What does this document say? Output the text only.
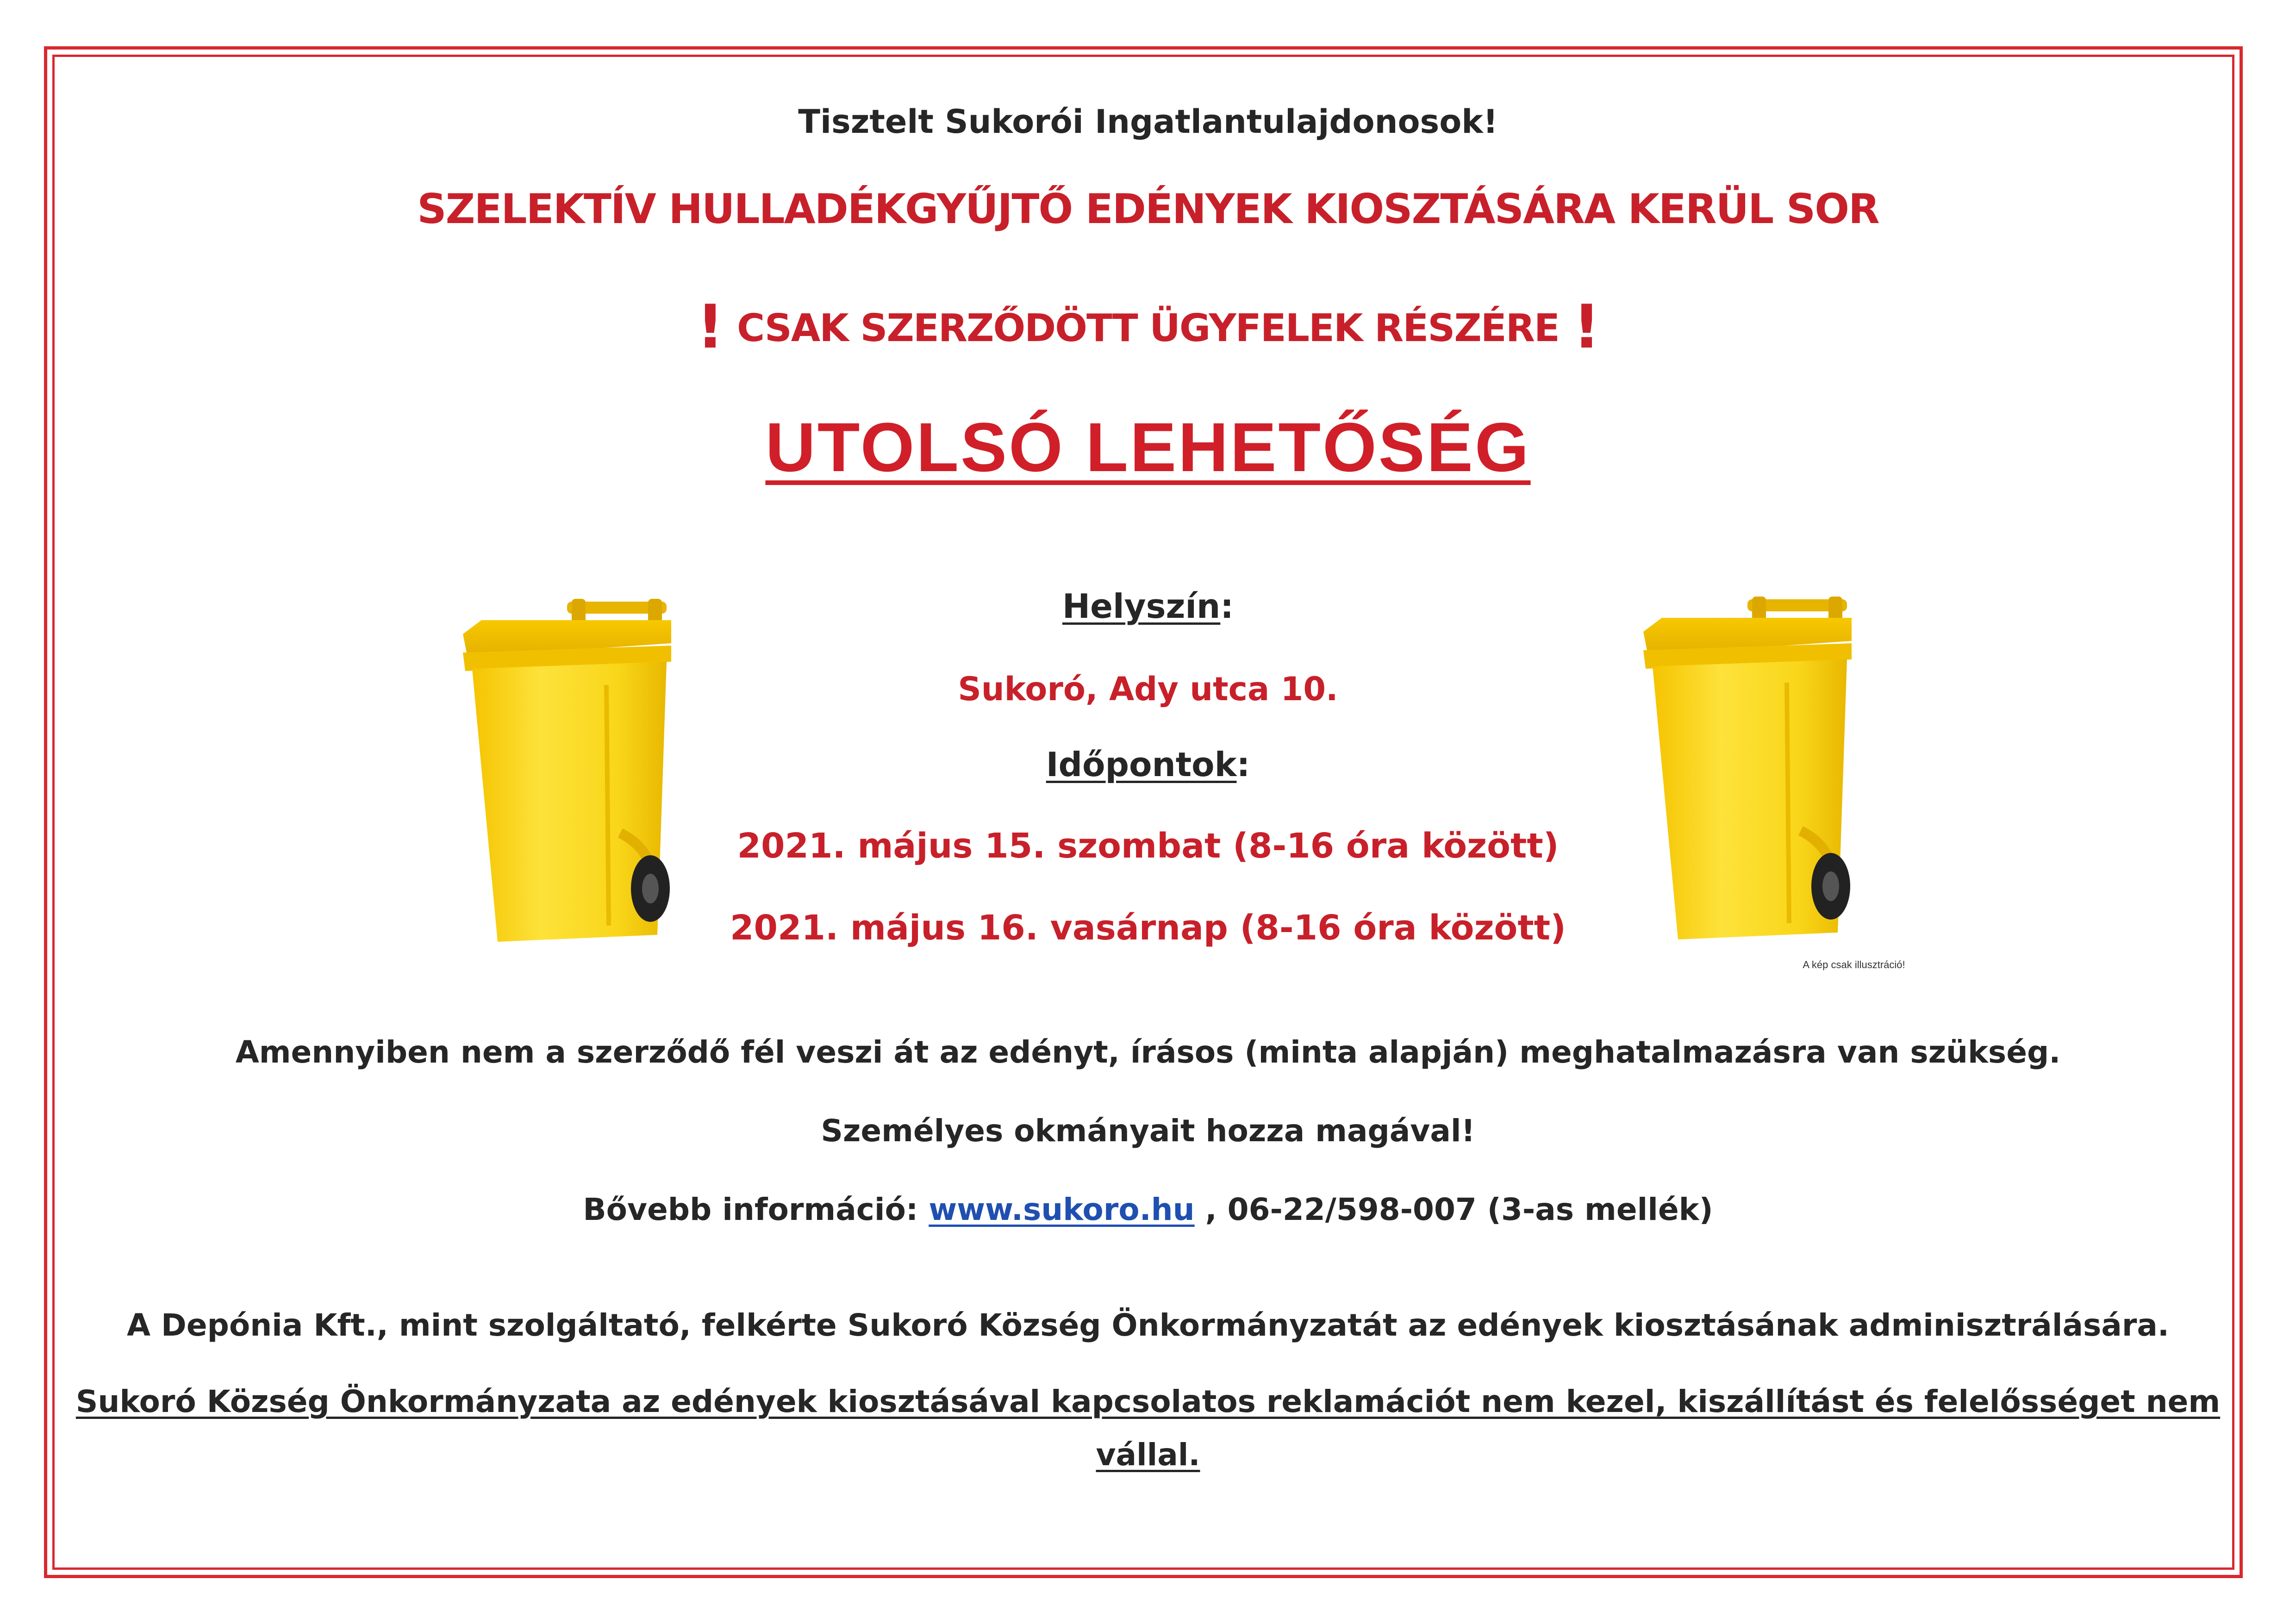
Tisztelt Sukorói Ingatlantulajdonosok!
SZELEKTÍV HULLADÉKGYŰJTŐ EDÉNYEK KIOSZTÁSÁRA KERÜL SOR
! CSAK SZERZŐDÖTT ÜGYFELEK RÉSZÉRE !
UTOLSÓ LEHETŐSÉG
A kép csak illusztráció!
Helyszín:
Sukoró, Ady utca 10.
Időpontok:
2021. május 15. szombat (8-16 óra között)
2021. május 16. vasárnap (8-16 óra között)
Amennyiben nem a szerződő fél veszi át az edényt, írásos (minta alapján) meghatalmazásra van szükség.
Személyes okmányait hozza magával!
Bővebb információ: www.sukoro.hu , 06-22/598-007 (3-as mellék)
A Depónia Kft., mint szolgáltató, felkérte Sukoró Község Önkormányzatát az edények kiosztásának adminisztrálására.
Sukoró Község Önkormányzata az edények kiosztásával kapcsolatos reklamációt nem kezel, kiszállítást és felelősséget nem
vállal.
